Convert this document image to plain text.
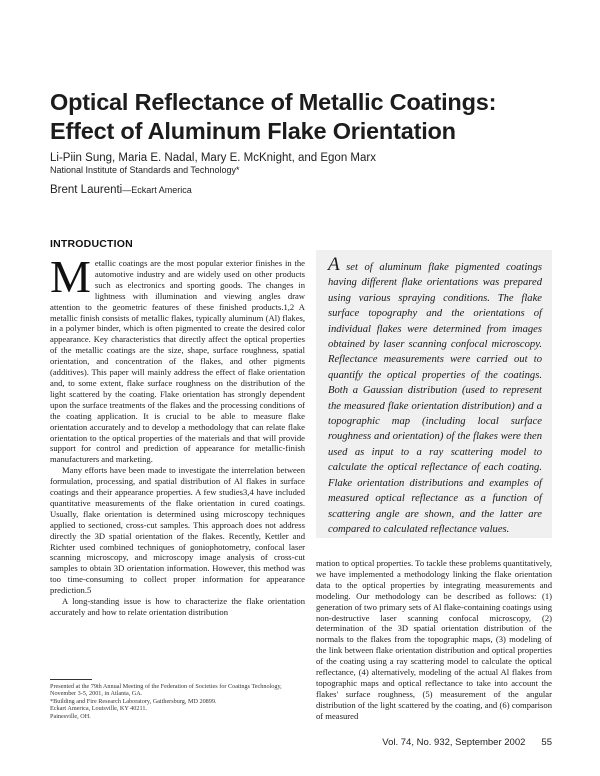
Optical Reflectance of Metallic Coatings:
Effect of Aluminum Flake Orientation
Li-Piin Sung, Maria E. Nadal, Mary E. McKnight, and Egon Marx
National Institute of Standards and Technology*
Brent Laurenti—Eckart America
INTRODUCTION

Metallic coatings are the most popular exterior finishes in the automotive industry and are widely used on other products such as electronics and sporting goods. The changes in lightness with illumination and viewing angles draw attention to the geometric features of these finished products.1,2 A metallic finish consists of metallic flakes, typically aluminum (Al) flakes, in a polymer binder, which is often pigmented to create the desired color appearance. Key characteristics that directly affect the optical properties of the metallic coatings are the size, shape, surface roughness, spatial orientation, and concentration of the flakes, and other pigments (additives). This paper will mainly address the effect of flake orientation and, to some extent, flake surface roughness on the distribution of the light scattered by the coating. Flake orientation has strongly dependent upon the surface treatments of the flakes and the processing conditions of the coating application. It is crucial to be able to measure flake orientation accurately and to develop a methodology that can relate flake orientation to the optical properties of the materials and that will provide support for control and prediction of appearance for metallic-finish manufacturers and marketing.

Many efforts have been made to investigate the interrelation between formulation, processing, and spatial distribution of Al flakes in surface coatings and their appearance properties. A few studies3,4 have included quantitative measurements of the flake orientation in cured coatings. Usually, flake orientation is determined using microscopy techniques applied to sectioned, cross-cut samples. This approach does not address directly the 3D spatial orientation of the flakes. Recently, Kettler and Richter used combined techniques of goniophotometry, confocal laser scanning microscopy, and microscopy image analysis of cross-cut samples to obtain 3D orientation information. However, this method was too time-consuming to collect proper information for appearance prediction.5

A long-standing issue is how to characterize the flake orientation accurately and how to relate orientation distribution

A set of aluminum flake pigmented coatings having different flake orientations was prepared using various spraying conditions. The flake surface topography and the orientations of individual flakes were determined from images obtained by laser scanning confocal microscopy. Reflectance measurements were carried out to quantify the optical properties of the coatings. Both a Gaussian distribution (used to represent the measured flake orientation distribution) and a topographic map (including local surface roughness and orientation) of the flakes were then used as input to a ray scattering model to calculate the optical reflectance of each coating. Flake orientation distributions and examples of measured optical reflectance as a function of scattering angle are shown, and the latter are compared to calculated reflectance values.
mation to optical properties. To tackle these problems quantitatively, we have implemented a methodology linking the flake orientation data to the optical properties by integrating measurements and modeling. Our methodology can be described as follows: (1) generation of two primary sets of Al flake-containing coatings using non-destructive laser scanning confocal microscopy, (2) determination of the 3D spatial orientation distribution of the normals to the flakes from the topographic maps, (3) modeling of the link between flake orientation distribution and optical properties of the coating using a ray scattering model to calculate the optical reflectance, (4) alternatively, modeling of the actual Al flakes from topographic maps and optical reflectance to take into account the flakes' surface roughness, (5) measurement of the angular distribution of the light scattered by the coating, and (6) comparison of measured
Presented at the 79th Annual Meeting of the Federation of Societies for Coatings Technology, November 3-5, 2001, in Atlanta, GA.
*Building and Fire Research Laboratory, Gaithersburg, MD 20899.
Eckart America, Louisville, KY 40211.
Painesville, OH.
Vol. 74, No. 932, September 2002 55
